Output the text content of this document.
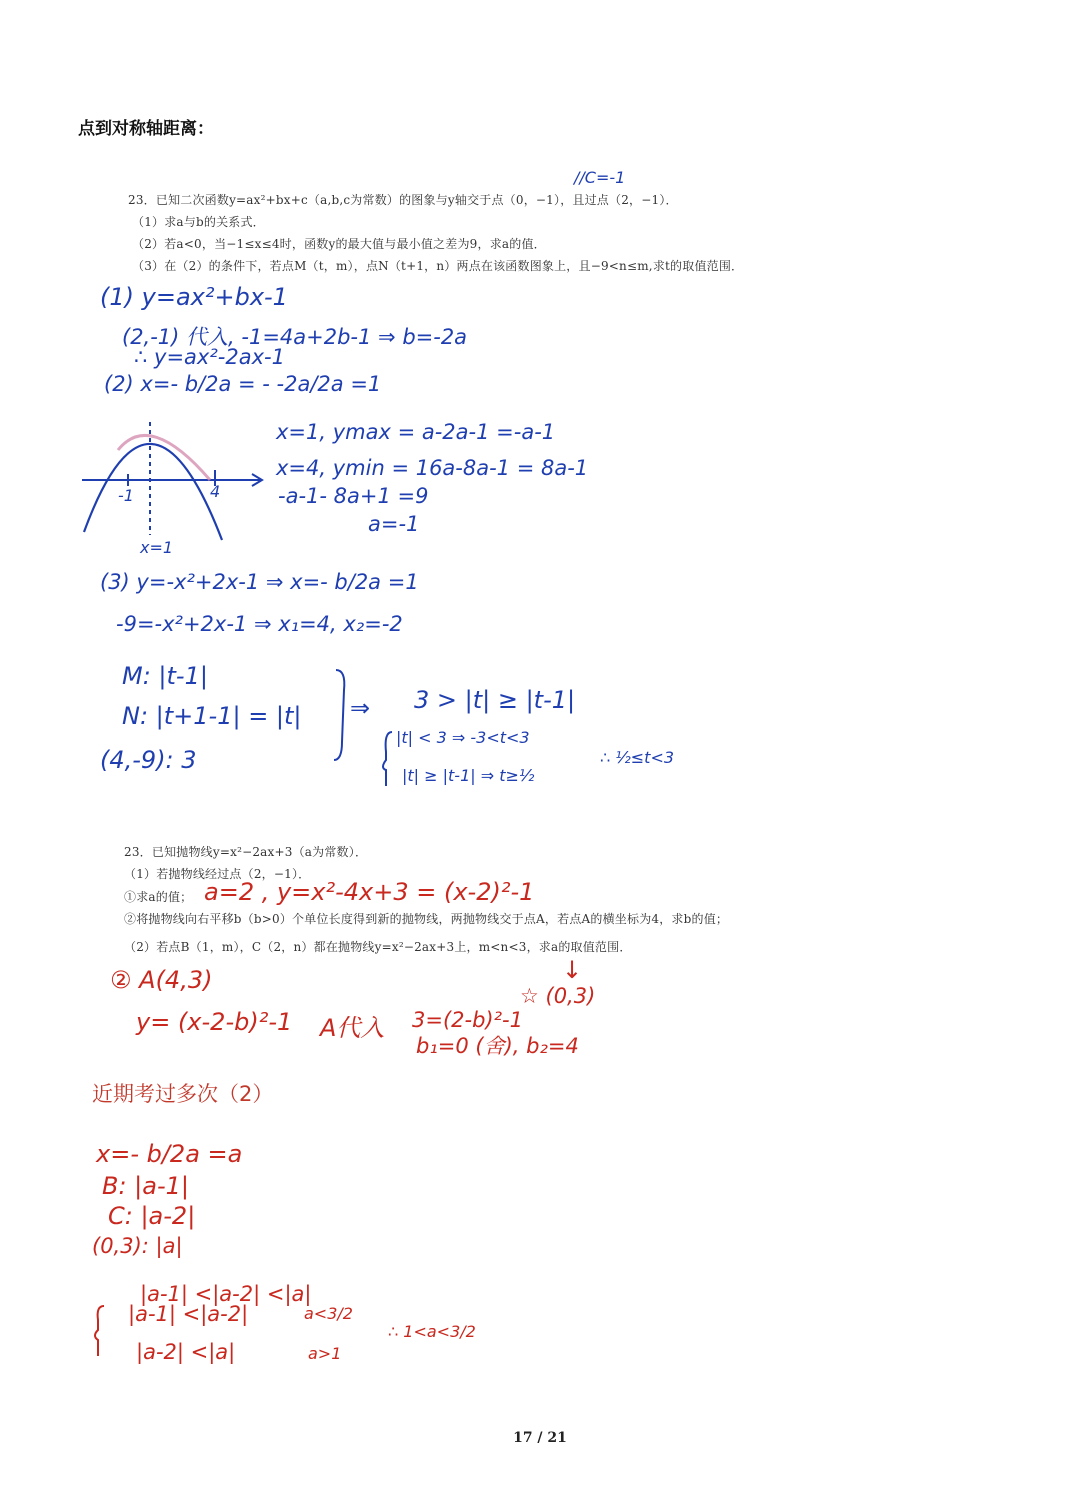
点到对称轴距离：
//C=-1
23．已知二次函数y=ax²+bx+c（a,b,c为常数）的图象与y轴交于点（0，−1），且过点（2，−1）．
（1）求a与b的关系式．
（2）若a<0，当−1≤x≤4时，函数y的最大值与最小值之差为9，求a的值．
（3）在（2）的条件下，若点M（t，m），点N（t+1，n）两点在该函数图象上，且−9<n≤m,求t的取值范围．
(1) y=ax²+bx-1
(2,-1) 代入, -1=4a+2b-1 ⇒ b=-2a
∴ y=ax²-2ax-1
(2) x=- b/2a = - -2a/2a =1
-1	4
x=1
x=1, ymax = a-2a-1 =-a-1
x=4, ymin = 16a-8a-1 = 8a-1
-a-1- 8a+1 =9
a=-1
(3) y=-x²+2x-1 ⇒ x=- b/2a =1
-9=-x²+2x-1 ⇒ x₁=4, x₂=-2
M: |t-1|
N: |t+1-1| = |t|
(4,-9): 3
⇒ 3 > |t| ≥ |t-1|
|t| < 3 ⇒ -3<t<3
|t| ≥ |t-1| ⇒ t≥½
∴ ½≤t<3
23．已知抛物线y=x²−2ax+3（a为常数）．
（1）若抛物线经过点（2，−1）．
①求a的值； a=2 , y=x²-4x+3 = (x-2)²-1
②将抛物线向右平移b（b>0）个单位长度得到新的抛物线，两抛物线交于点A，若点A的横坐标为4，求b的值；
（2）若点B（1，m），C（2，n）都在抛物线y=x²−2ax+3上，m<n<3，求a的取值范围．
↓
② A(4,3)
☆ (0,3)
y= (x-2-b)²-1 A代入 3=(2-b)²-1
b₁=0 (舍), b₂=4
近期考过多次（2）
x=- b/2a =a
B: |a-1|
C: |a-2|
(0,3): |a|
|a-1| <|a-2| <|a|
|a-1| <|a-2|	a<3/2
|a-2| <|a|	a>1
∴ 1<a<3/2
17 / 21
